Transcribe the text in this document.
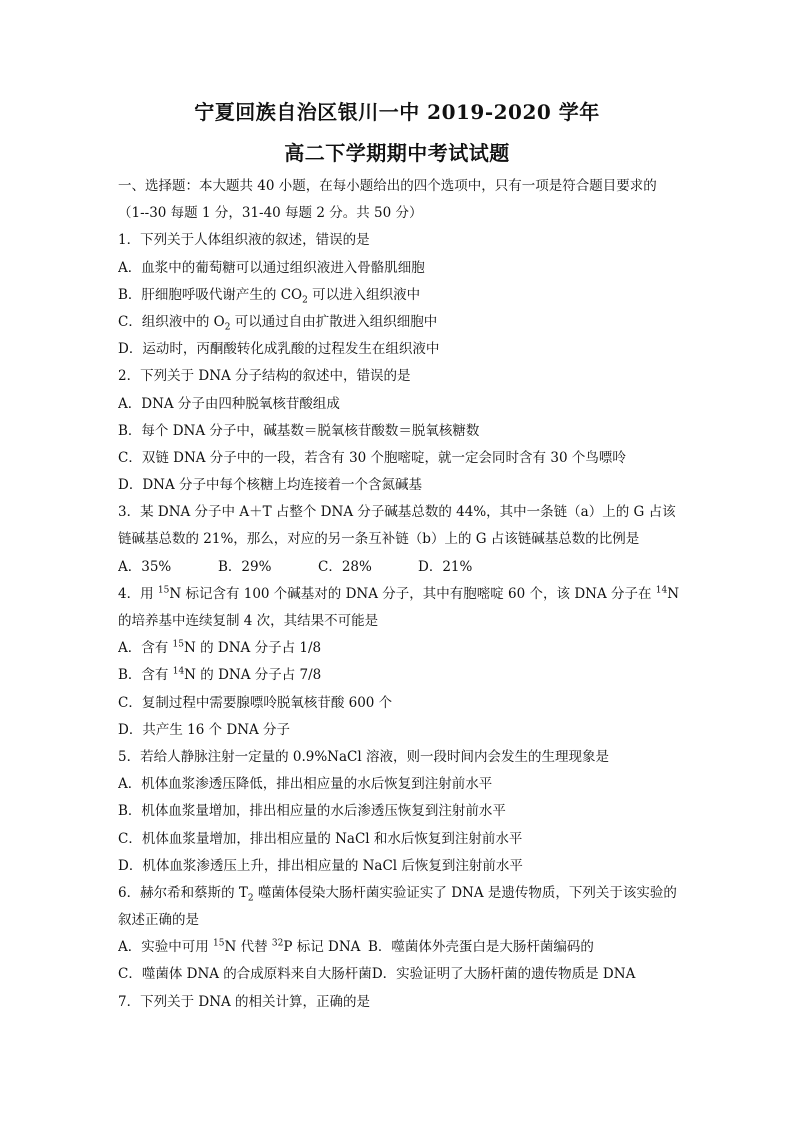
宁夏回族自治区银川一中 2019-2020 学年
高二下学期期中考试试题
一、选择题：本大题共 40 小题，在每小题给出的四个选项中，只有一项是符合题目要求的
（1--30 每题 1 分，31-40 每题 2 分。共 50 分）
1．下列关于人体组织液的叙述，错误的是
A．血浆中的葡萄糖可以通过组织液进入骨骼肌细胞
B．肝细胞呼吸代谢产生的 $CO_2$ 可以进入组织液中
C．组织液中的 $O_2$ 可以通过自由扩散进入组织细胞中
D．运动时，丙酮酸转化成乳酸的过程发生在组织液中
2．下列关于 DNA 分子结构的叙述中，错误的是
A．DNA 分子由四种脱氧核苷酸组成
B．每个 DNA 分子中，碱基数＝脱氧核苷酸数＝脱氧核糖数
C．双链 DNA 分子中的一段，若含有 30 个胞嘧啶，就一定会同时含有 30 个鸟嘌呤
D．DNA 分子中每个核糖上均连接着一个含氮碱基
3．某 DNA 分子中 A＋T 占整个 DNA 分子碱基总数的 44%，其中一条链（a）上的 G 占该
链碱基总数的 21%，那么，对应的另一条互补链（b）上的 G 占该链碱基总数的比例是
A．35%	B．29%	C．28%	D．21%
4．用 $^{15}$N 标记含有 100 个碱基对的 DNA 分子，其中有胞嘧啶 60 个，该 DNA 分子在 $^{14}$N
的培养基中连续复制 4 次，其结果不可能是
A．含有 $^{15}$N 的 DNA 分子占 1/8
B．含有 $^{14}$N 的 DNA 分子占 7/8
C．复制过程中需要腺嘌呤脱氧核苷酸 600 个
D．共产生 16 个 DNA 分子
5．若给人静脉注射一定量的 0.9%NaCl 溶液，则一段时间内会发生的生理现象是
A．机体血浆渗透压降低，排出相应量的水后恢复到注射前水平
B．机体血浆量增加，排出相应量的水后渗透压恢复到注射前水平
C．机体血浆量增加，排出相应量的 NaCl 和水后恢复到注射前水平
D．机体血浆渗透压上升，排出相应量的 NaCl 后恢复到注射前水平
6．赫尔希和蔡斯的 $T_2$ 噬菌体侵染大肠杆菌实验证实了 DNA 是遗传物质，下列关于该实验的
叙述正确的是
A．实验中可用 $^{15}$N 代替 $^{32}$P 标记 DNA B．噬菌体外壳蛋白是大肠杆菌编码的
C．噬菌体 DNA 的合成原料来自大肠杆菌D．实验证明了大肠杆菌的遗传物质是 DNA
7．下列关于 DNA 的相关计算，正确的是
